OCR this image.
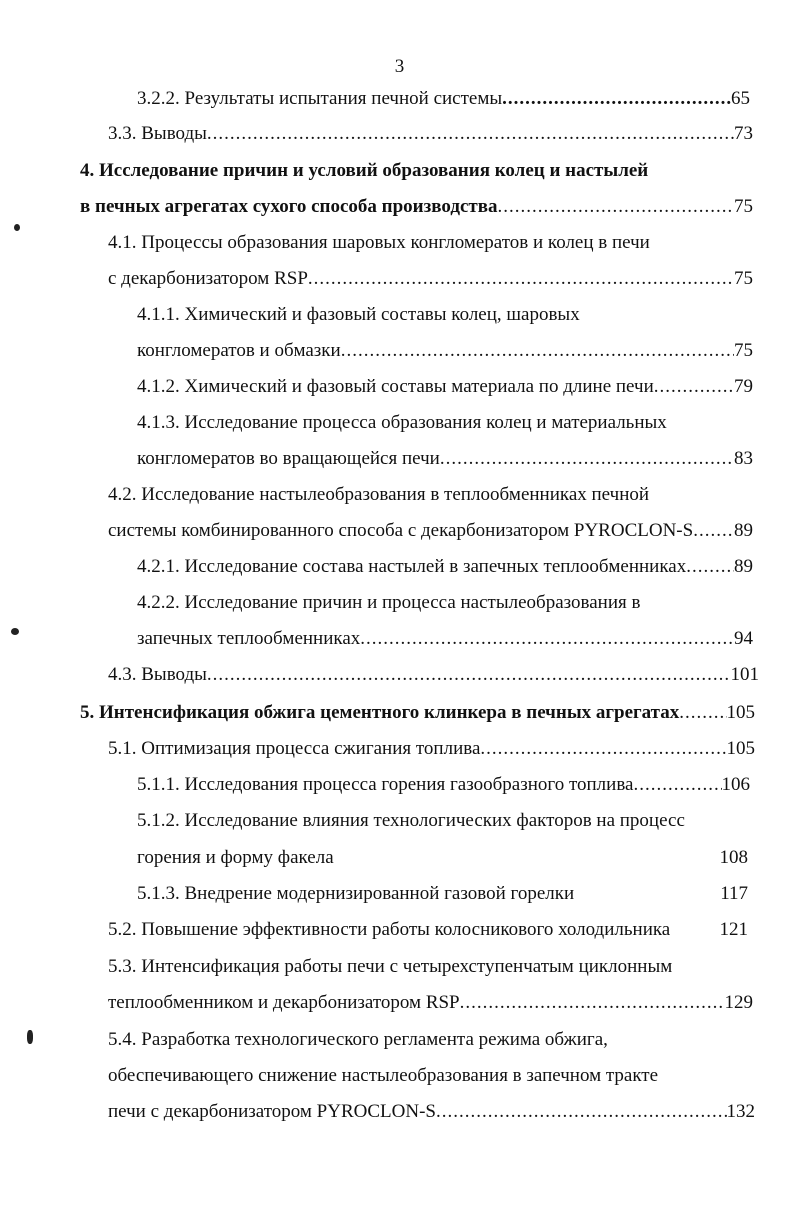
3
3.2.2. Результаты испытания печной системы .....	65
3.3. Выводы .....	73
4. Исследование причин и условий образования колец и настылей
в печных агрегатах сухого способа производства .....	75
4.1. Процессы образования шаровых конгломератов и колец в печи
с декарбонизатором RSP .....	75
4.1.1. Химический и фазовый составы колец, шаровых
конгломератов и обмазки .....	75
4.1.2. Химический и фазовый составы материала по длине печи .....	79
4.1.3. Исследование процесса образования колец и материальных
конгломератов во вращающейся печи .....	83
4.2. Исследование настылеобразования в теплообменниках печной
системы комбинированного способа с декарбонизатором PYROCLON-S ..... 89
4.2.1. Исследование состава настылей в запечных теплообменниках .....	89
4.2.2. Исследование причин и процесса настылеобразования в
запечных теплообменниках .....	94
4.3. Выводы .....	101
5. Интенсификация обжига цементного клинкера в печных агрегатах ..... 105
5.1. Оптимизация процесса сжигания топлива .....	105
5.1.1. Исследования процесса горения газообразного топлива .....	106
5.1.2. Исследование влияния технологических факторов на процесс
горения и форму факела	108
5.1.3. Внедрение модернизированной газовой горелки	117
5.2. Повышение эффективности работы колосникового холодильника	121
5.3. Интенсификация работы печи с четырехступенчатым циклонным
теплообменником и декарбонизатором RSP .....	129
5.4. Разработка технологического регламента режима обжига,
обеспечивающего снижение настылеобразования в запечном тракте
печи с декарбонизатором PYROCLON-S .....	132
